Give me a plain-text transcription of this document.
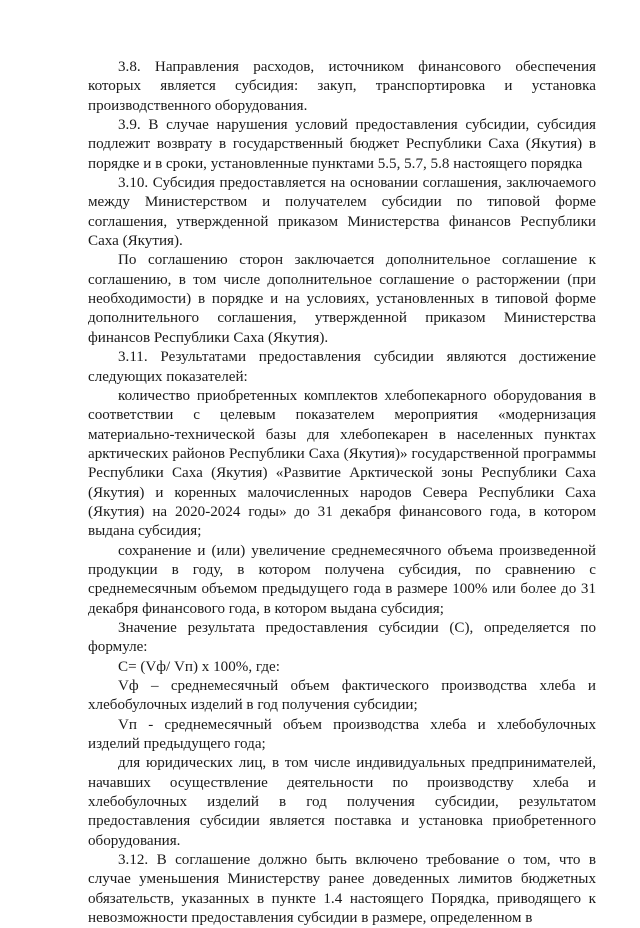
3.8. Направления расходов, источником финансового обеспечения которых является субсидия: закуп, транспортировка и установка производственного оборудования.

3.9. В случае нарушения условий предоставления субсидии, субсидия подлежит возврату в государственный бюджет Республики Саха (Якутия) в порядке и в сроки, установленные пунктами 5.5, 5.7, 5.8 настоящего порядка

3.10. Субсидия предоставляется на основании соглашения, заключаемого между Министерством и получателем субсидии по типовой форме соглашения, утвержденной приказом Министерства финансов Республики Саха (Якутия).

По соглашению сторон заключается дополнительное соглашение к соглашению, в том числе дополнительное соглашение о расторжении (при необходимости) в порядке и на условиях, установленных в типовой форме дополнительного соглашения, утвержденной приказом Министерства финансов Республики Саха (Якутия).

3.11. Результатами предоставления субсидии являются достижение следующих показателей:

количество приобретенных комплектов хлебопекарного оборудования в соответствии с целевым показателем мероприятия «модернизация материально-технической базы для хлебопекарен в населенных пунктах арктических районов Республики Саха (Якутия)» государственной программы Республики Саха (Якутия) «Развитие Арктической зоны Республики Саха (Якутия) и коренных малочисленных народов Севера Республики Саха (Якутия) на 2020-2024 годы» до 31 декабря финансового года, в котором выдана субсидия;

сохранение и (или) увеличение среднемесячного объема произведенной продукции в году, в котором получена субсидия, по сравнению с среднемесячным объемом предыдущего года в размере 100% или более до 31 декабря финансового года, в котором выдана субсидия;

Значение результата предоставления субсидии (С), определяется по формуле:

С= (Vф/ Vп) х 100%, где:

Vф – среднемесячный объем фактического производства хлеба и хлебобулочных изделий в год получения субсидии;

Vп - среднемесячный объем производства хлеба и хлебобулочных изделий предыдущего года;

для юридических лиц, в том числе индивидуальных предпринимателей, начавших осуществление деятельности по производству хлеба и хлебобулочных изделий в год получения субсидии, результатом предоставления субсидии является поставка и установка приобретенного оборудования.

3.12. В соглашение должно быть включено требование о том, что в случае уменьшения Министерству ранее доведенных лимитов бюджетных обязательств, указанных в пункте 1.4 настоящего Порядка, приводящего к невозможности предоставления субсидии в размере, определенном в
